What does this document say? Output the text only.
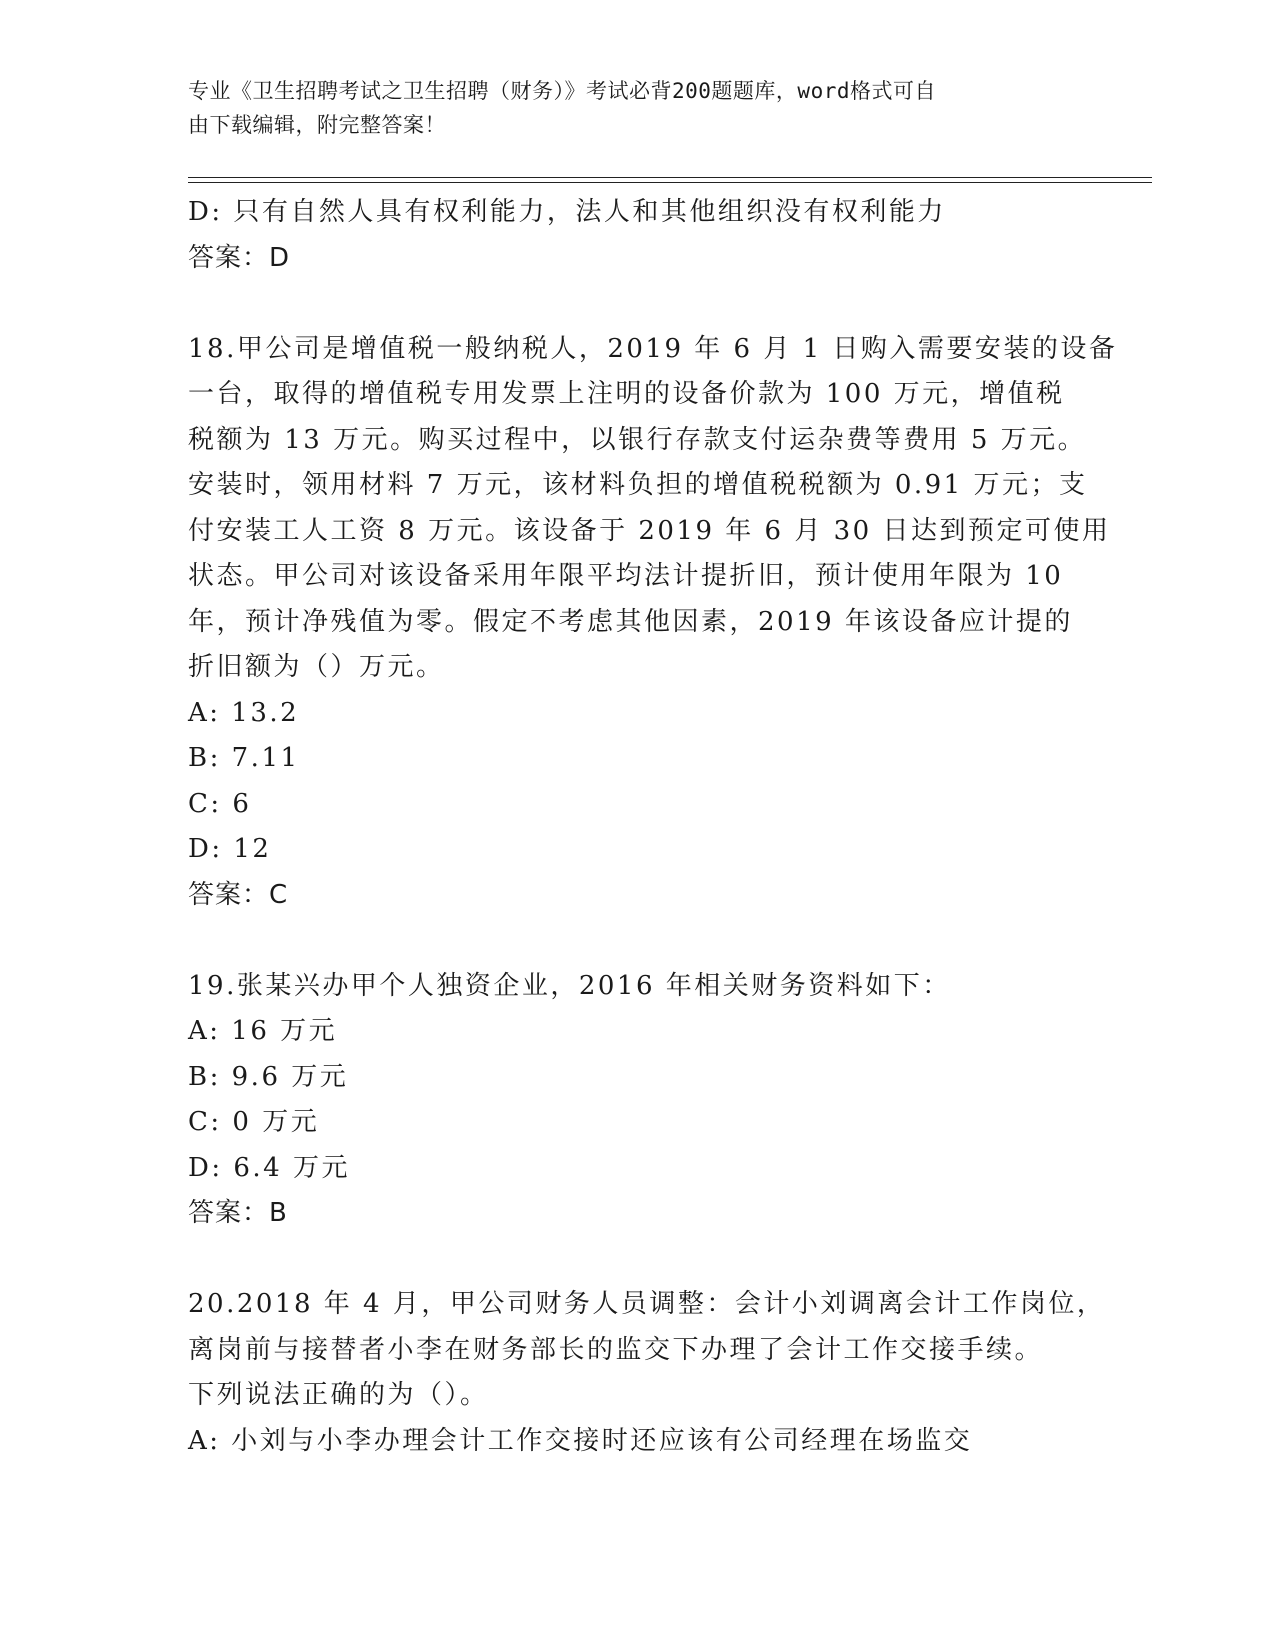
专业《卫生招聘考试之卫生招聘（财务）》考试必背200题题库，word格式可自
由下载编辑，附完整答案！
D: 只有自然人具有权利能力，法人和其他组织没有权利能力
答案：D
18.甲公司是增值税一般纳税人，2019 年 6 月 1 日购入需要安装的设备
一台，取得的增值税专用发票上注明的设备价款为 100 万元，增值税
税额为 13 万元。购买过程中，以银行存款支付运杂费等费用 5 万元。
安装时，领用材料 7 万元，该材料负担的增值税税额为 0.91 万元；支
付安装工人工资 8 万元。该设备于 2019 年 6 月 30 日达到预定可使用
状态。甲公司对该设备采用年限平均法计提折旧，预计使用年限为 10
年，预计净残值为零。假定不考虑其他因素，2019 年该设备应计提的
折旧额为（）万元。
A: 13.2
B: 7.11
C: 6
D: 12
答案：C
19.张某兴办甲个人独资企业，2016 年相关财务资料如下：
A: 16 万元
B: 9.6 万元
C: 0 万元
D: 6.4 万元
答案：B
20.2018 年 4 月，甲公司财务人员调整：会计小刘调离会计工作岗位，
离岗前与接替者小李在财务部长的监交下办理了会计工作交接手续。
下列说法正确的为（）。
A: 小刘与小李办理会计工作交接时还应该有公司经理在场监交
